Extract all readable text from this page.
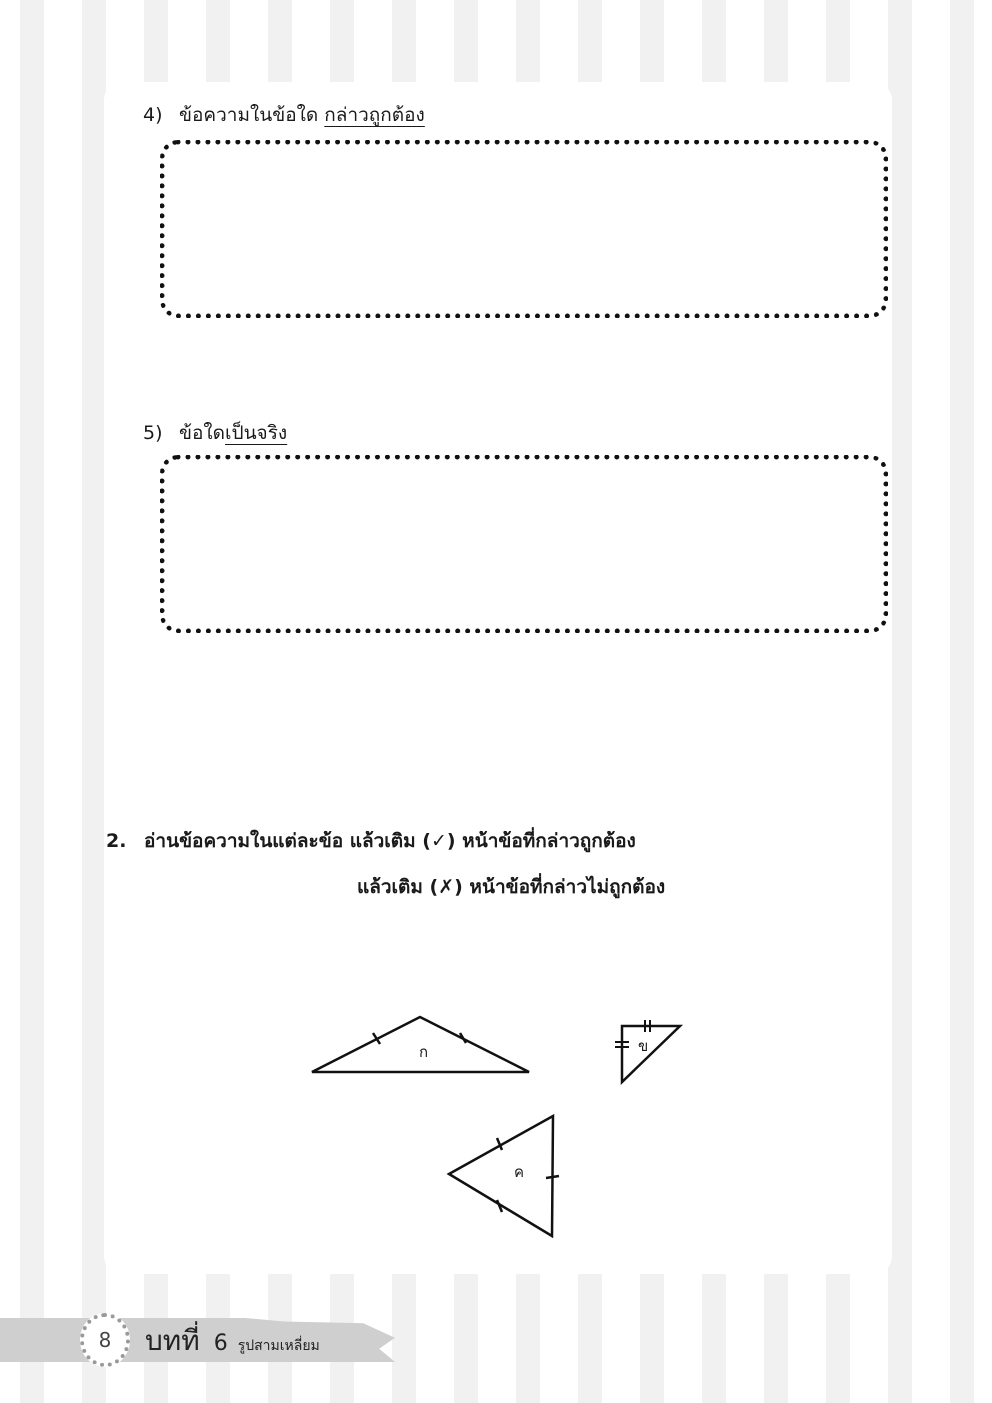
4) ข้อความในข้อใด กล่าวถูกต้อง
5) ข้อใดเป็นจริง
2. อ่านข้อความในแต่ละข้อ แล้วเติม (✓) หน้าข้อที่กล่าวถูกต้อง
แล้วเติม (✗) หน้าข้อที่กล่าวไม่ถูกต้อง
ก	ข
ค
8 บทที่ 6 รูปสามเหลี่ยม
